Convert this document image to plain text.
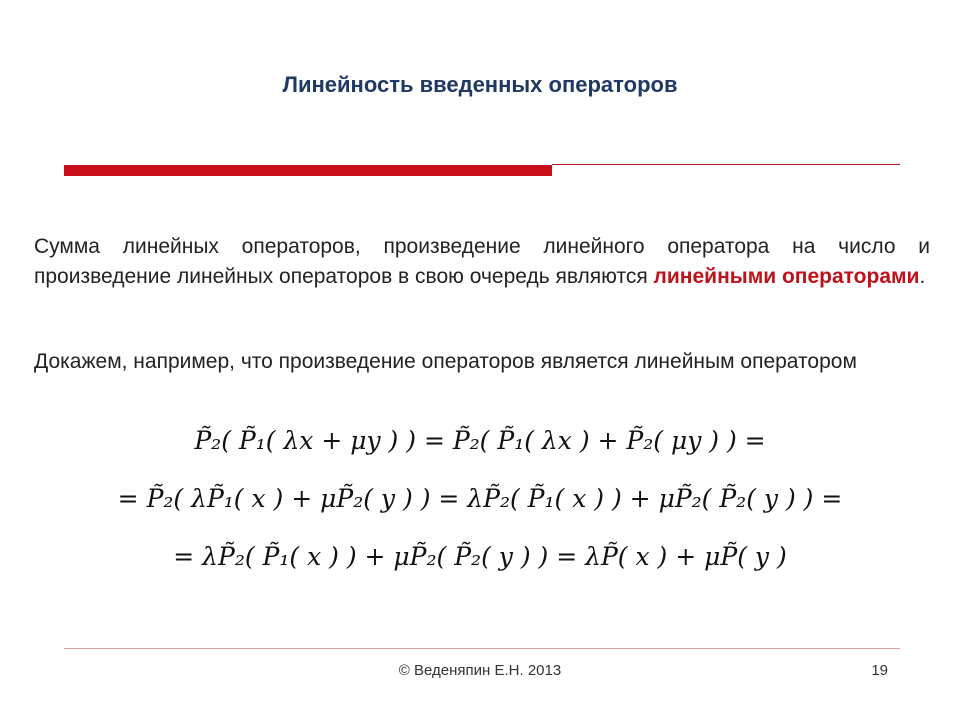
Линейность введенных операторов
Сумма линейных операторов, произведение линейного оператора на число и произведение линейных операторов в свою очередь являются линейными операторами.
Докажем, например, что произведение операторов является линейным оператором
P̃₂( P̃₁( λx + μy ) ) = P̃₂( P̃₁( λx ) + P̃₂( μy ) ) =
= P̃₂( λP̃₁( x ) + μP̃₂( y ) ) = λP̃₂( P̃₁( x ) ) + μP̃₂( P̃₂( y ) ) =
= λP̃₂( P̃₁( x ) ) + μP̃₂( P̃₂( y ) ) = λP̃( x ) + μP̃( y )
© Веденяпин Е.Н. 2013	19
